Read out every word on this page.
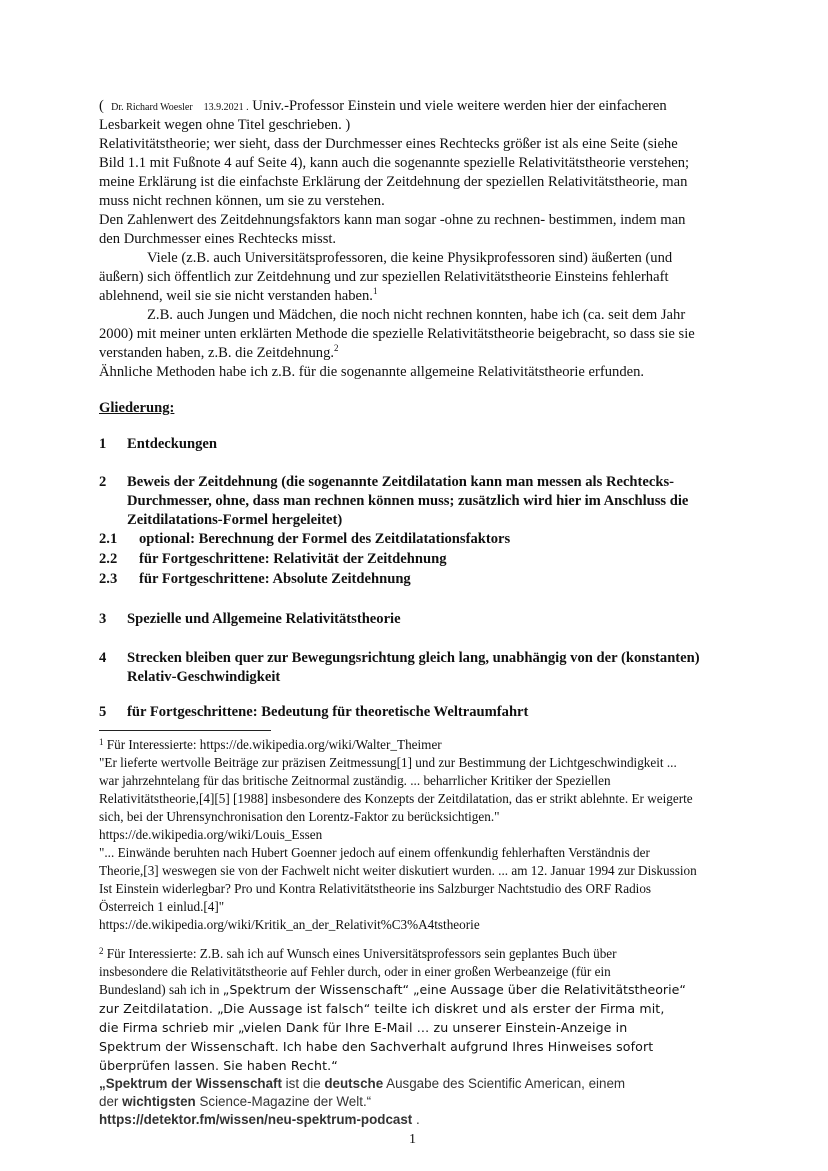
( Dr. Richard Woesler 13.9.2021 . Univ.-Professor Einstein und viele weitere werden hier der einfacheren
Lesbarkeit wegen ohne Titel geschrieben. )
Relativitätstheorie; wer sieht, dass der Durchmesser eines Rechtecks größer ist als eine Seite (siehe
Bild 1.1 mit Fußnote 4 auf Seite 4), kann auch die sogenannte spezielle Relativitätstheorie verstehen;
meine Erklärung ist die einfachste Erklärung der Zeitdehnung der speziellen Relativitätstheorie, man
muss nicht rechnen können, um sie zu verstehen.
Den Zahlenwert des Zeitdehnungsfaktors kann man sogar -ohne zu rechnen- bestimmen, indem man
den Durchmesser eines Rechtecks misst.
Viele (z.B. auch Universitätsprofessoren, die keine Physikprofessoren sind) äußerten (und
äußern) sich öffentlich zur Zeitdehnung und zur speziellen Relativitätstheorie Einsteins fehlerhaft
ablehnend, weil sie sie nicht verstanden haben.$^1$
Z.B. auch Jungen und Mädchen, die noch nicht rechnen konnten, habe ich (ca. seit dem Jahr
2000) mit meiner unten erklärten Methode die spezielle Relativitätstheorie beigebracht, so dass sie sie
verstanden haben, z.B. die Zeitdehnung.$^2$
Ähnliche Methoden habe ich z.B. für die sogenannte allgemeine Relativitätstheorie erfunden.
Gliederung:
1 Entdeckungen
2 Beweis der Zeitdehnung (die sogenannte Zeitdilatation kann man messen als Rechtecks-
Durchmesser, ohne, dass man rechnen können muss; zusätzlich wird hier im Anschluss die
Zeitdilatations-Formel hergeleitet)
2.1 optional: Berechnung der Formel des Zeitdilatationsfaktors
2.2 für Fortgeschrittene: Relativität der Zeitdehnung
2.3 für Fortgeschrittene: Absolute Zeitdehnung
3 Spezielle und Allgemeine Relativitätstheorie
4 Strecken bleiben quer zur Bewegungsrichtung gleich lang, unabhängig von der (konstanten)
Relativ-Geschwindigkeit
5 für Fortgeschrittene: Bedeutung für theoretische Weltraumfahrt
$^1$ Für Interessierte: https://de.wikipedia.org/wiki/Walter_Theimer
"Er lieferte wertvolle Beiträge zur präzisen Zeitmessung[1] und zur Bestimmung der Lichtgeschwindigkeit ...
war jahrzehntelang für das britische Zeitnormal zuständig. ... beharrlicher Kritiker der Speziellen
Relativitätstheorie,[4][5] [1988] insbesondere des Konzepts der Zeitdilatation, das er strikt ablehnte. Er weigerte
sich, bei der Uhrensynchronisation den Lorentz-Faktor zu berücksichtigen."
https://de.wikipedia.org/wiki/Louis_Essen
"... Einwände beruhten nach Hubert Goenner jedoch auf einem offenkundig fehlerhaften Verständnis der
Theorie,[3] weswegen sie von der Fachwelt nicht weiter diskutiert wurden. ... am 12. Januar 1994 zur Diskussion
Ist Einstein widerlegbar? Pro und Kontra Relativitätstheorie ins Salzburger Nachtstudio des ORF Radios
Österreich 1 einlud.[4]"
https://de.wikipedia.org/wiki/Kritik_an_der_Relativit%C3%A4tstheorie
$^2$ Für Interessierte: Z.B. sah ich auf Wunsch eines Universitätsprofessors sein geplantes Buch über
insbesondere die Relativitätstheorie auf Fehler durch, oder in einer großen Werbeanzeige (für ein
Bundesland) sah ich in „Spektrum der Wissenschaft“ „eine Aussage über die Relativitätstheorie“
zur Zeitdilatation. „Die Aussage ist falsch“ teilte ich diskret und als erster der Firma mit,
die Firma schrieb mir „vielen Dank für Ihre E-Mail … zu unserer Einstein-Anzeige in
Spektrum der Wissenschaft. Ich habe den Sachverhalt aufgrund Ihres Hinweises sofort
überprüfen lassen. Sie haben Recht.“
„Spektrum der Wissenschaft ist die deutsche Ausgabe des Scientific American, einem
der wichtigsten Science-Magazine der Welt.“
https://detektor.fm/wissen/neu-spektrum-podcast .
1
